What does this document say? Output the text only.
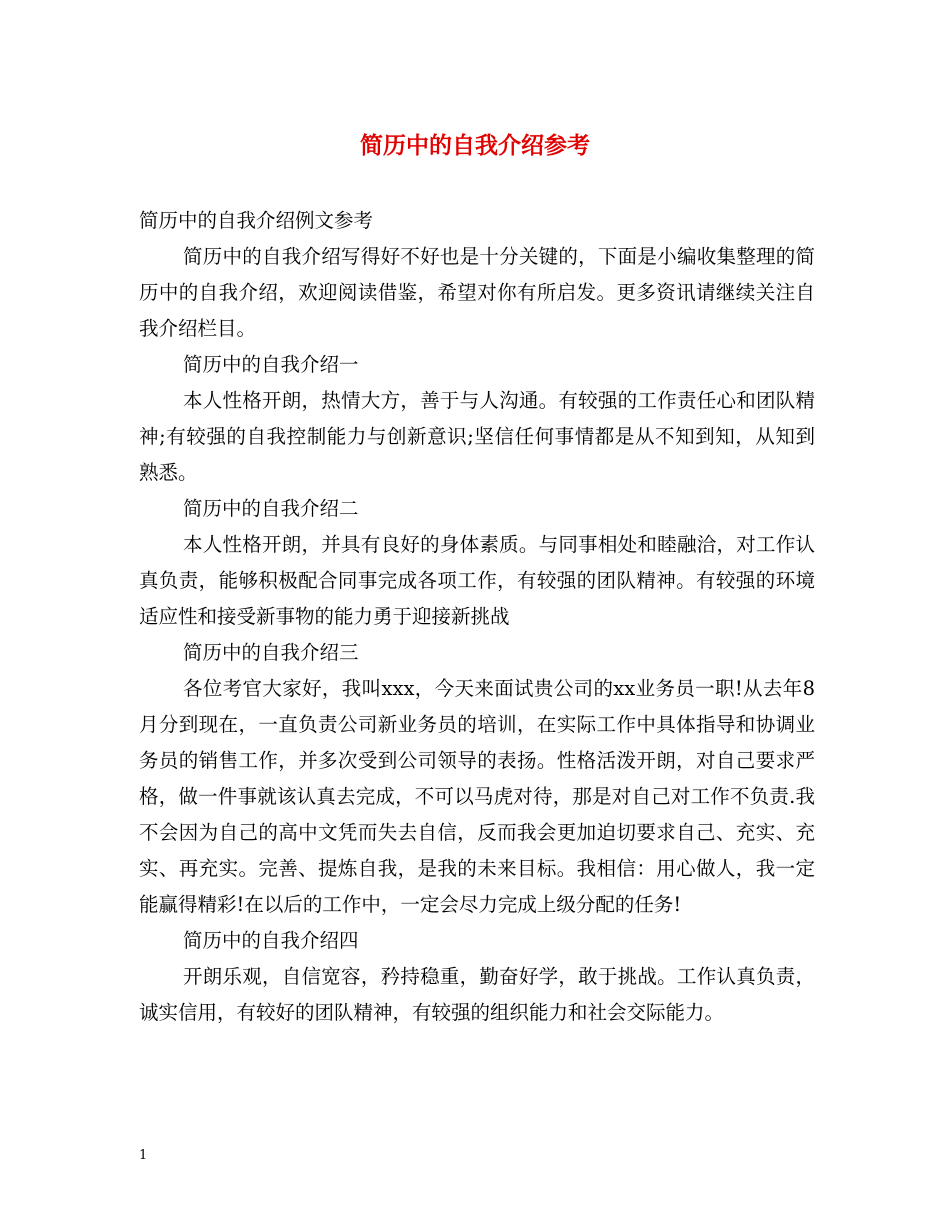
简历中的自我介绍参考

简历中的自我介绍例文参考

简历中的自我介绍写得好不好也是十分关键的，下面是小编收集整理的简历中的自我介绍，欢迎阅读借鉴，希望对你有所启发。更多资讯请继续关注自我介绍栏目。

简历中的自我介绍一

本人性格开朗，热情大方，善于与人沟通。有较强的工作责任心和团队精神;有较强的自我控制能力与创新意识;坚信任何事情都是从不知到知，从知到熟悉。

简历中的自我介绍二

本人性格开朗，并具有良好的身体素质。与同事相处和睦融洽，对工作认真负责，能够积极配合同事完成各项工作，有较强的团队精神。有较强的环境适应性和接受新事物的能力勇于迎接新挑战

简历中的自我介绍三

各位考官大家好，我叫xxx，今天来面试贵公司的xx业务员一职!从去年8月分到现在，一直负责公司新业务员的培训，在实际工作中具体指导和协调业务员的销售工作，并多次受到公司领导的表扬。性格活泼开朗，对自己要求严格，做一件事就该认真去完成，不可以马虎对待，那是对自己对工作不负责.我不会因为自己的高中文凭而失去自信，反而我会更加迫切要求自己、充实、充实、再充实。完善、提炼自我，是我的未来目标。我相信：用心做人，我一定能赢得精彩!在以后的工作中，一定会尽力完成上级分配的任务!

简历中的自我介绍四

开朗乐观，自信宽容，矜持稳重，勤奋好学，敢于挑战。工作认真负责，诚实信用，有较好的团队精神，有较强的组织能力和社会交际能力。

1
